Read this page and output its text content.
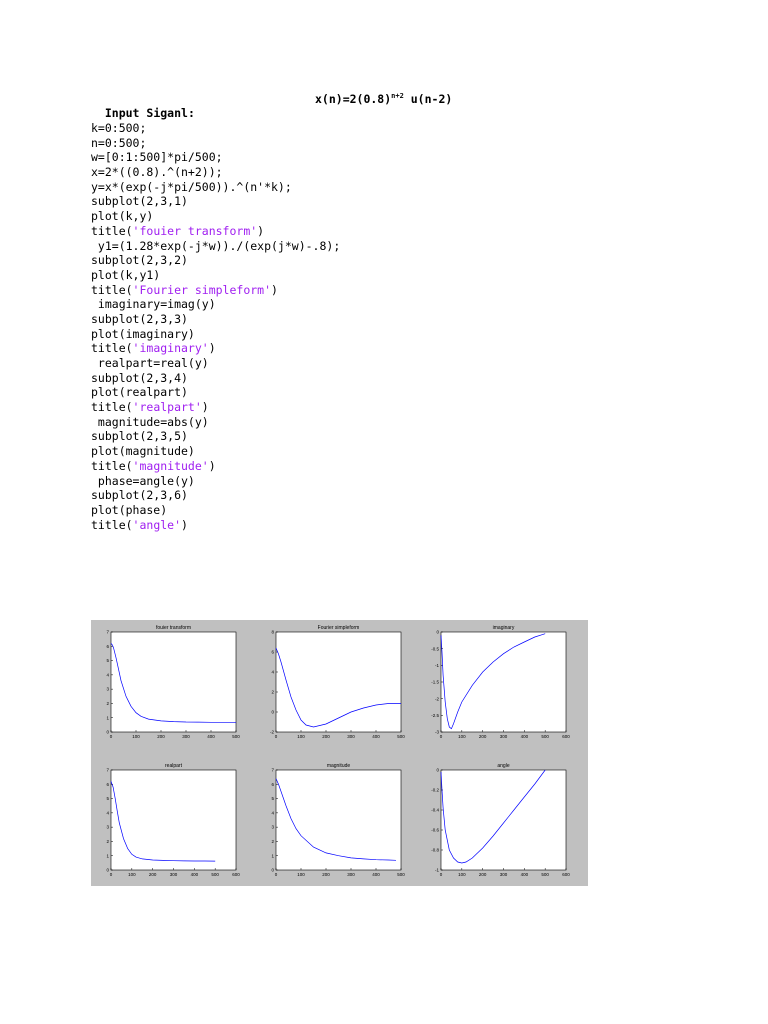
Input Siganl:

$x(n)=2(0.8)^{n+2}$ u(n-2)

k=0:500;
n=0:500;
w=[0:1:500]*pi/500;
x=2*((0.8).^(n+2));
y=x*(exp(-j*pi/500)).^(n'*k);
subplot(2,3,1)
plot(k,y)
title('fouier transform')
y1=(1.28*exp(-j*w))./(exp(j*w)-.8);
subplot(2,3,2)
plot(k,y1)
title('Fourier simpleform')
imaginary=imag(y)
subplot(2,3,3)
plot(imaginary)
title('imaginary')
realpart=real(y)
subplot(2,3,4)
plot(realpart)
title('realpart')
magnitude=abs(y)
subplot(2,3,5)
plot(magnitude)
title('magnitude')
phase=angle(y)
subplot(2,3,6)
plot(phase)
title('angle')
fouier transform
0	100	200	300	400	500
0
1
2
3
4
5
6
7
Fourier simpleform
0	100	200	300	400	500
-2
0
2
4
6
8
imaginary
0	100	200	300	400	500	600
-3
-2.5
-2
-1.5
-1
-0.5
0
realpart
0	100	200	300	400	500	600
0
1
2
3
4
5
6
7
magnitude
0	100	200	300	400	500
0
1
2
3
4
5
6
7
angle
0	100	200	300	400	500	600
-1
-0.8
-0.6
-0.4
-0.2
0
